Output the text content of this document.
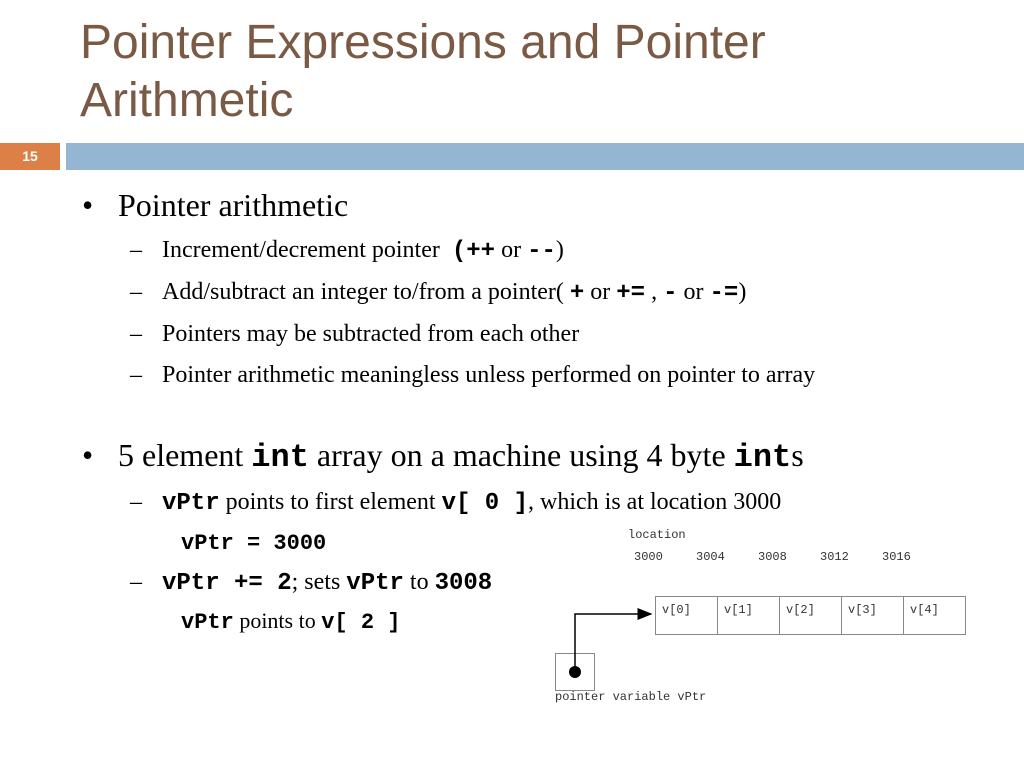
Pointer Expressions and Pointer Arithmetic
15
• Pointer arithmetic
– Increment/decrement pointer (++ or --)
– Add/subtract an integer to/from a pointer( + or += , - or -=)
– Pointers may be subtracted from each other
– Pointer arithmetic meaningless unless performed on pointer to array
• 5 element int array on a machine using 4 byte ints
– vPtr points to first element v[ 0 ], which is at location 3000
vPtr = 3000
– vPtr += 2; sets vPtr to 3008
vPtr points to v[ 2 ]
location
3000	3004	3008	3012	3016
v[0]	v[1]	v[2]	v[3]	v[4]
pointer variable vPtr
